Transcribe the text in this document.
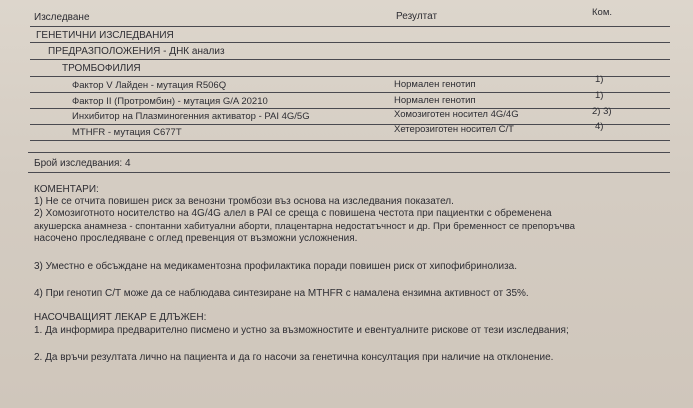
Изследване	Резултат	Ком.
ГЕНЕТИЧНИ ИЗСЛЕДВАНИЯ
ПРЕДРАЗПОЛОЖЕНИЯ - ДНК анализ
ТРОМБОФИЛИЯ
Фактор V Лайден - мутация R506Q	Нормален генотип	1)
Фактор II (Протромбин) - мутация G/A 20210	Нормален генотип	1)
Инхибитор на Плазминогенния активатор - PAI 4G/5G	Хомозиготен носител 4G/4G	2) 3)
MTHFR - мутация C677T	Хетерозиготен носител C/T	4)
Брой изследвания: 4
КОМЕНТАРИ:
1) Не се отчита повишен риск за венозни тромбози въз основа на изследвания показател.
2) Хомозиготното носителство на 4G/4G алел в PAI се среща с повишена честота при пациентки с обременена
акушерска анамнеза - спонтанни хабитуални аборти, плацентарна недостатъчност и др. При бременност се препоръчва
насочено проследяване с оглед превенция от възможни усложнения.
3) Уместно е обсъждане на медикаментозна профилактика поради повишен риск от хипофибринолиза.
4) При генотип C/T може да се наблюдава синтезиране на MTHFR с намалена ензимна активност от 35%.
НАСОЧВАЩИЯТ ЛЕКАР Е ДЛЪЖЕН:
1. Да информира предварително писмено и устно за възможностите и евентуалните рискове от тези изследвания;
2. Да връчи резултата лично на пациента и да го насочи за генетична консултация при наличие на отклонение.
